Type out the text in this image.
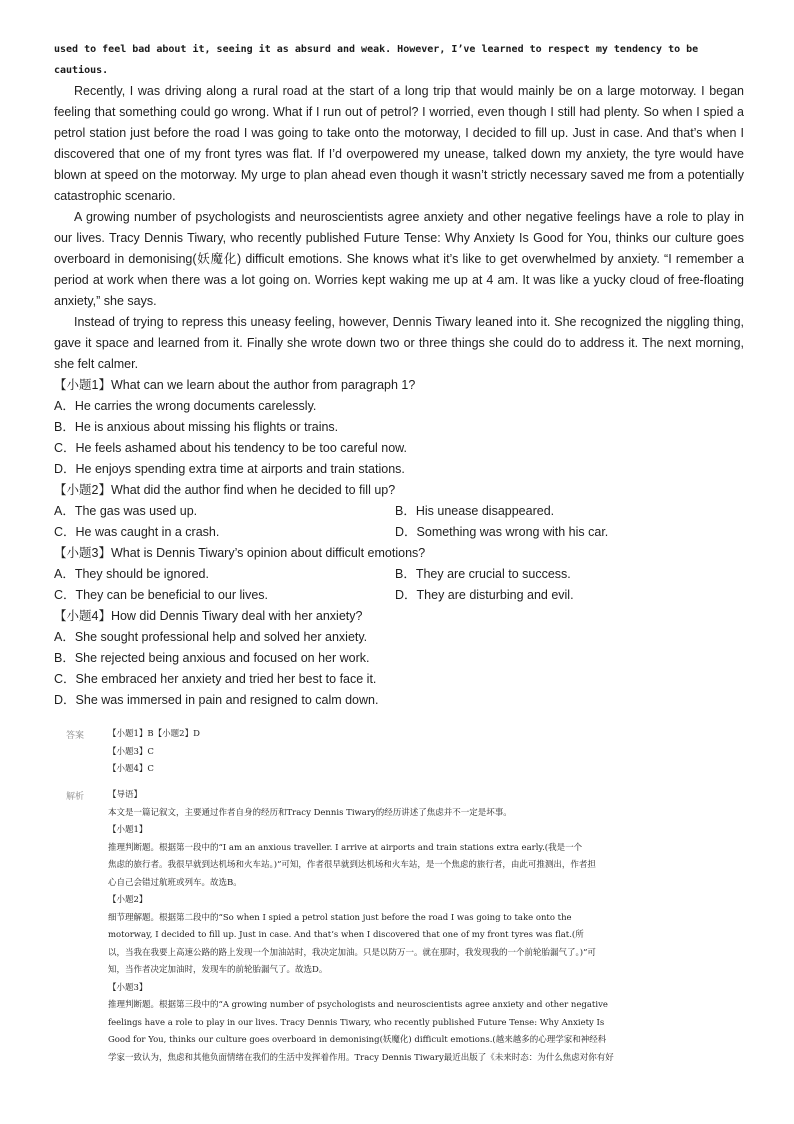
used to feel bad about it, seeing it as absurd and weak. However, I’ve learned to respect my tendency to be
cautious.

Recently, I was driving along a rural road at the start of a long trip that would mainly be on a large motorway. I began feeling that something could go wrong. What if I run out of petrol? I worried, even though I still had plenty. So when I spied a petrol station just before the road I was going to take onto the motorway, I decided to fill up. Just in case. And that’s when I discovered that one of my front tyres was flat. If I’d overpowered my unease, talked down my anxiety, the tyre would have blown at speed on the motorway. My urge to plan ahead even though it wasn’t strictly necessary saved me from a potentially catastrophic scenario.

A growing number of psychologists and neuroscientists agree anxiety and other negative feelings have a role to play in our lives. Tracy Dennis Tiwary, who recently published Future Tense: Why Anxiety Is Good for You, thinks our culture goes overboard in demonising(妖魔化) difficult emotions. She knows what it’s like to get overwhelmed by anxiety. “I remember a period at work when there was a lot going on. Worries kept waking me up at 4 am. It was like a yucky cloud of free-floating anxiety,” she says.

Instead of trying to repress this uneasy feeling, however, Dennis Tiwary leaned into it. She recognized the niggling thing, gave it space and learned from it. Finally she wrote down two or three things she could do to address it. The next morning, she felt calmer.

【小题1】What can we learn about the author from paragraph 1?

A．He carries the wrong documents carelessly.

B．He is anxious about missing his flights or trains.

C．He feels ashamed about his tendency to be too careful now.

D．He enjoys spending extra time at airports and train stations.

【小题2】What did the author find when he decided to fill up?

A．The gas was used up.	B．His unease disappeared.
C．He was caught in a crash.	D．Something was wrong with his car.

【小题3】What is Dennis Tiwary’s opinion about difficult emotions?

A．They should be ignored.	B．They are crucial to success.
C．They can be beneficial to our lives.	D．They are disturbing and evil.

【小题4】How did Dennis Tiwary deal with her anxiety?

A．She sought professional help and solved her anxiety.

B．She rejected being anxious and focused on her work.

C．She embraced her anxiety and tried her best to face it.

D．She was immersed in pain and resigned to calm down.

答案	【小题1】B【小题2】D
【小题3】C
【小题4】C
解析	【导语】
本文是一篇记叙文，主要通过作者自身的经历和Tracy Dennis Tiwary的经历讲述了焦虑并不一定是坏事。
【小题1】
推理判断题。根据第一段中的“I am an anxious traveller. I arrive at airports and train stations extra early.(我是一个
焦虑的旅行者。我很早就到达机场和火车站。)”可知，作者很早就到达机场和火车站，是一个焦虑的旅行者，由此可推测出，作者担
心自己会错过航班或列车。故选B。
【小题2】
细节理解题。根据第二段中的“So when I spied a petrol station just before the road I was going to take onto the
motorway, I decided to fill up. Just in case. And that’s when I discovered that one of my front tyres was flat.(所
以，当我在我要上高速公路的路上发现一个加油站时，我决定加油。只是以防万一。就在那时，我发现我的一个前轮胎漏气了。)”可
知，当作者决定加油时，发现车的前轮胎漏气了。故选D。
【小题3】
推理判断题。根据第三段中的“A growing number of psychologists and neuroscientists agree anxiety and other negative
feelings have a role to play in our lives. Tracy Dennis Tiwary, who recently published Future Tense: Why Anxiety Is
Good for You, thinks our culture goes overboard in demonising(妖魔化) difficult emotions.(越来越多的心理学家和神经科
学家一致认为，焦虑和其他负面情绪在我们的生活中发挥着作用。Tracy Dennis Tiwary最近出版了《未来时态：为什么焦虑对你有好
